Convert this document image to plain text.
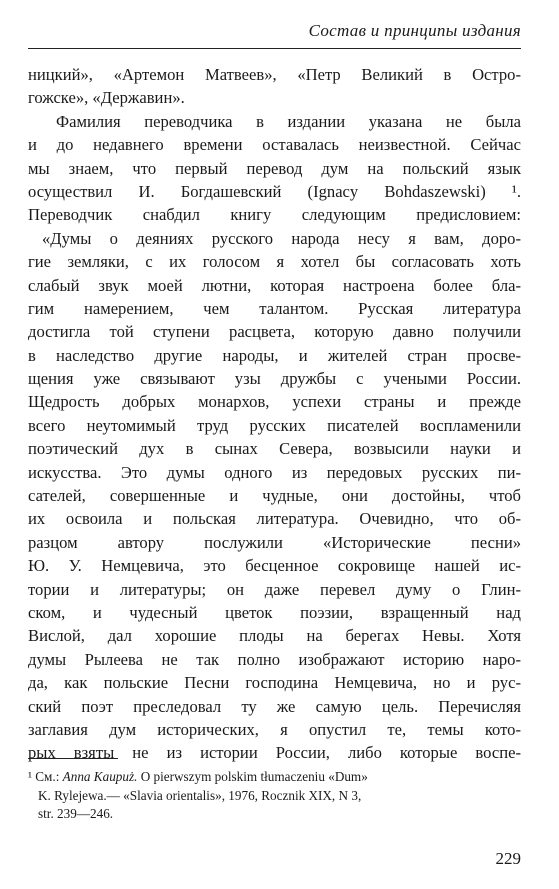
Состав и принципы издания
ницкий», «Артемон Матвеев», «Петр Великий в Остро-
гожске», «Державин».
Фамилия переводчика в издании указана не была
и до недавнего времени оставалась неизвестной. Сейчас
мы знаем, что первый перевод дум на польский язык
осуществил И. Богдашевский (Ignacy Bohdaszewski) ¹.
Переводчик снабдил книгу следующим предисловием:
«Думы о деяниях русского народа несу я вам, доро-
гие земляки, с их голосом я хотел бы согласовать хоть
слабый звук моей лютни, которая настроена более бла-
гим намерением, чем талантом. Русская литература
достигла той ступени расцвета, которую давно получили
в наследство другие народы, и жителей стран просве-
щения уже связывают узы дружбы с учеными России.
Щедрость добрых монархов, успехи страны и прежде
всего неутомимый труд русских писателей воспламенили
поэтический дух в сынах Севера, возвысили науки и
искусства. Это думы одного из передовых русских пи-
сателей, совершенные и чудные, они достойны, чтоб
их освоила и польская литература. Очевидно, что об-
разцом автору послужили «Исторические песни»
Ю. У. Немцевича, это бесценное сокровище нашей ис-
тории и литературы; он даже перевел думу о Глин-
ском, и чудесный цветок поэзии, взращенный над
Вислой, дал хорошие плоды на берегах Невы. Хотя
думы Рылеева не так полно изображают историю наро-
да, как польские Песни господина Немцевича, но и рус-
ский поэт преследовал ту же самую цель. Перечисляя
заглавия дум исторических, я опустил те, темы кото-
рых взяты не из истории России, либо которые воспе-
¹ См.: Anna Kaupuż. O pierwszym polskim tłumaczeniu «Dum»
K. Rylejewa.— «Slavia orientalis», 1976, Rocznik XIX, N 3,
str. 239—246.
229
